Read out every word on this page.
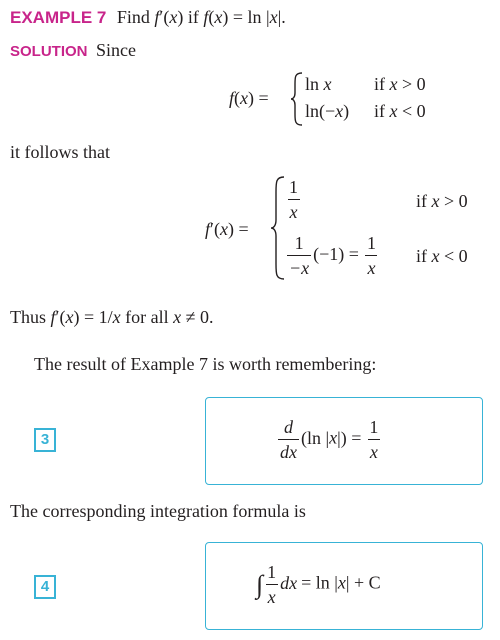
EXAMPLE 7 Find f′(x) if f(x) = ln |x|.
SOLUTION Since
f(x) =
ln x if x > 0
ln(−x) if x < 0
it follows that
f′(x) =
$\frac{1}{x}$	if x > 0
$\frac{1}{-x} (-1) = \frac{1}{x}$ if x < 0
Thus f′(x) = 1/x for all x ≠ 0.
The result of Example 7 is worth remembering:
3	$\frac{d}{dx} (\ln$ $|x|) = \frac{1}{x}$
The corresponding integration formula is
4	∫ $\frac{1}{x}$ dx = ln |x| + C
